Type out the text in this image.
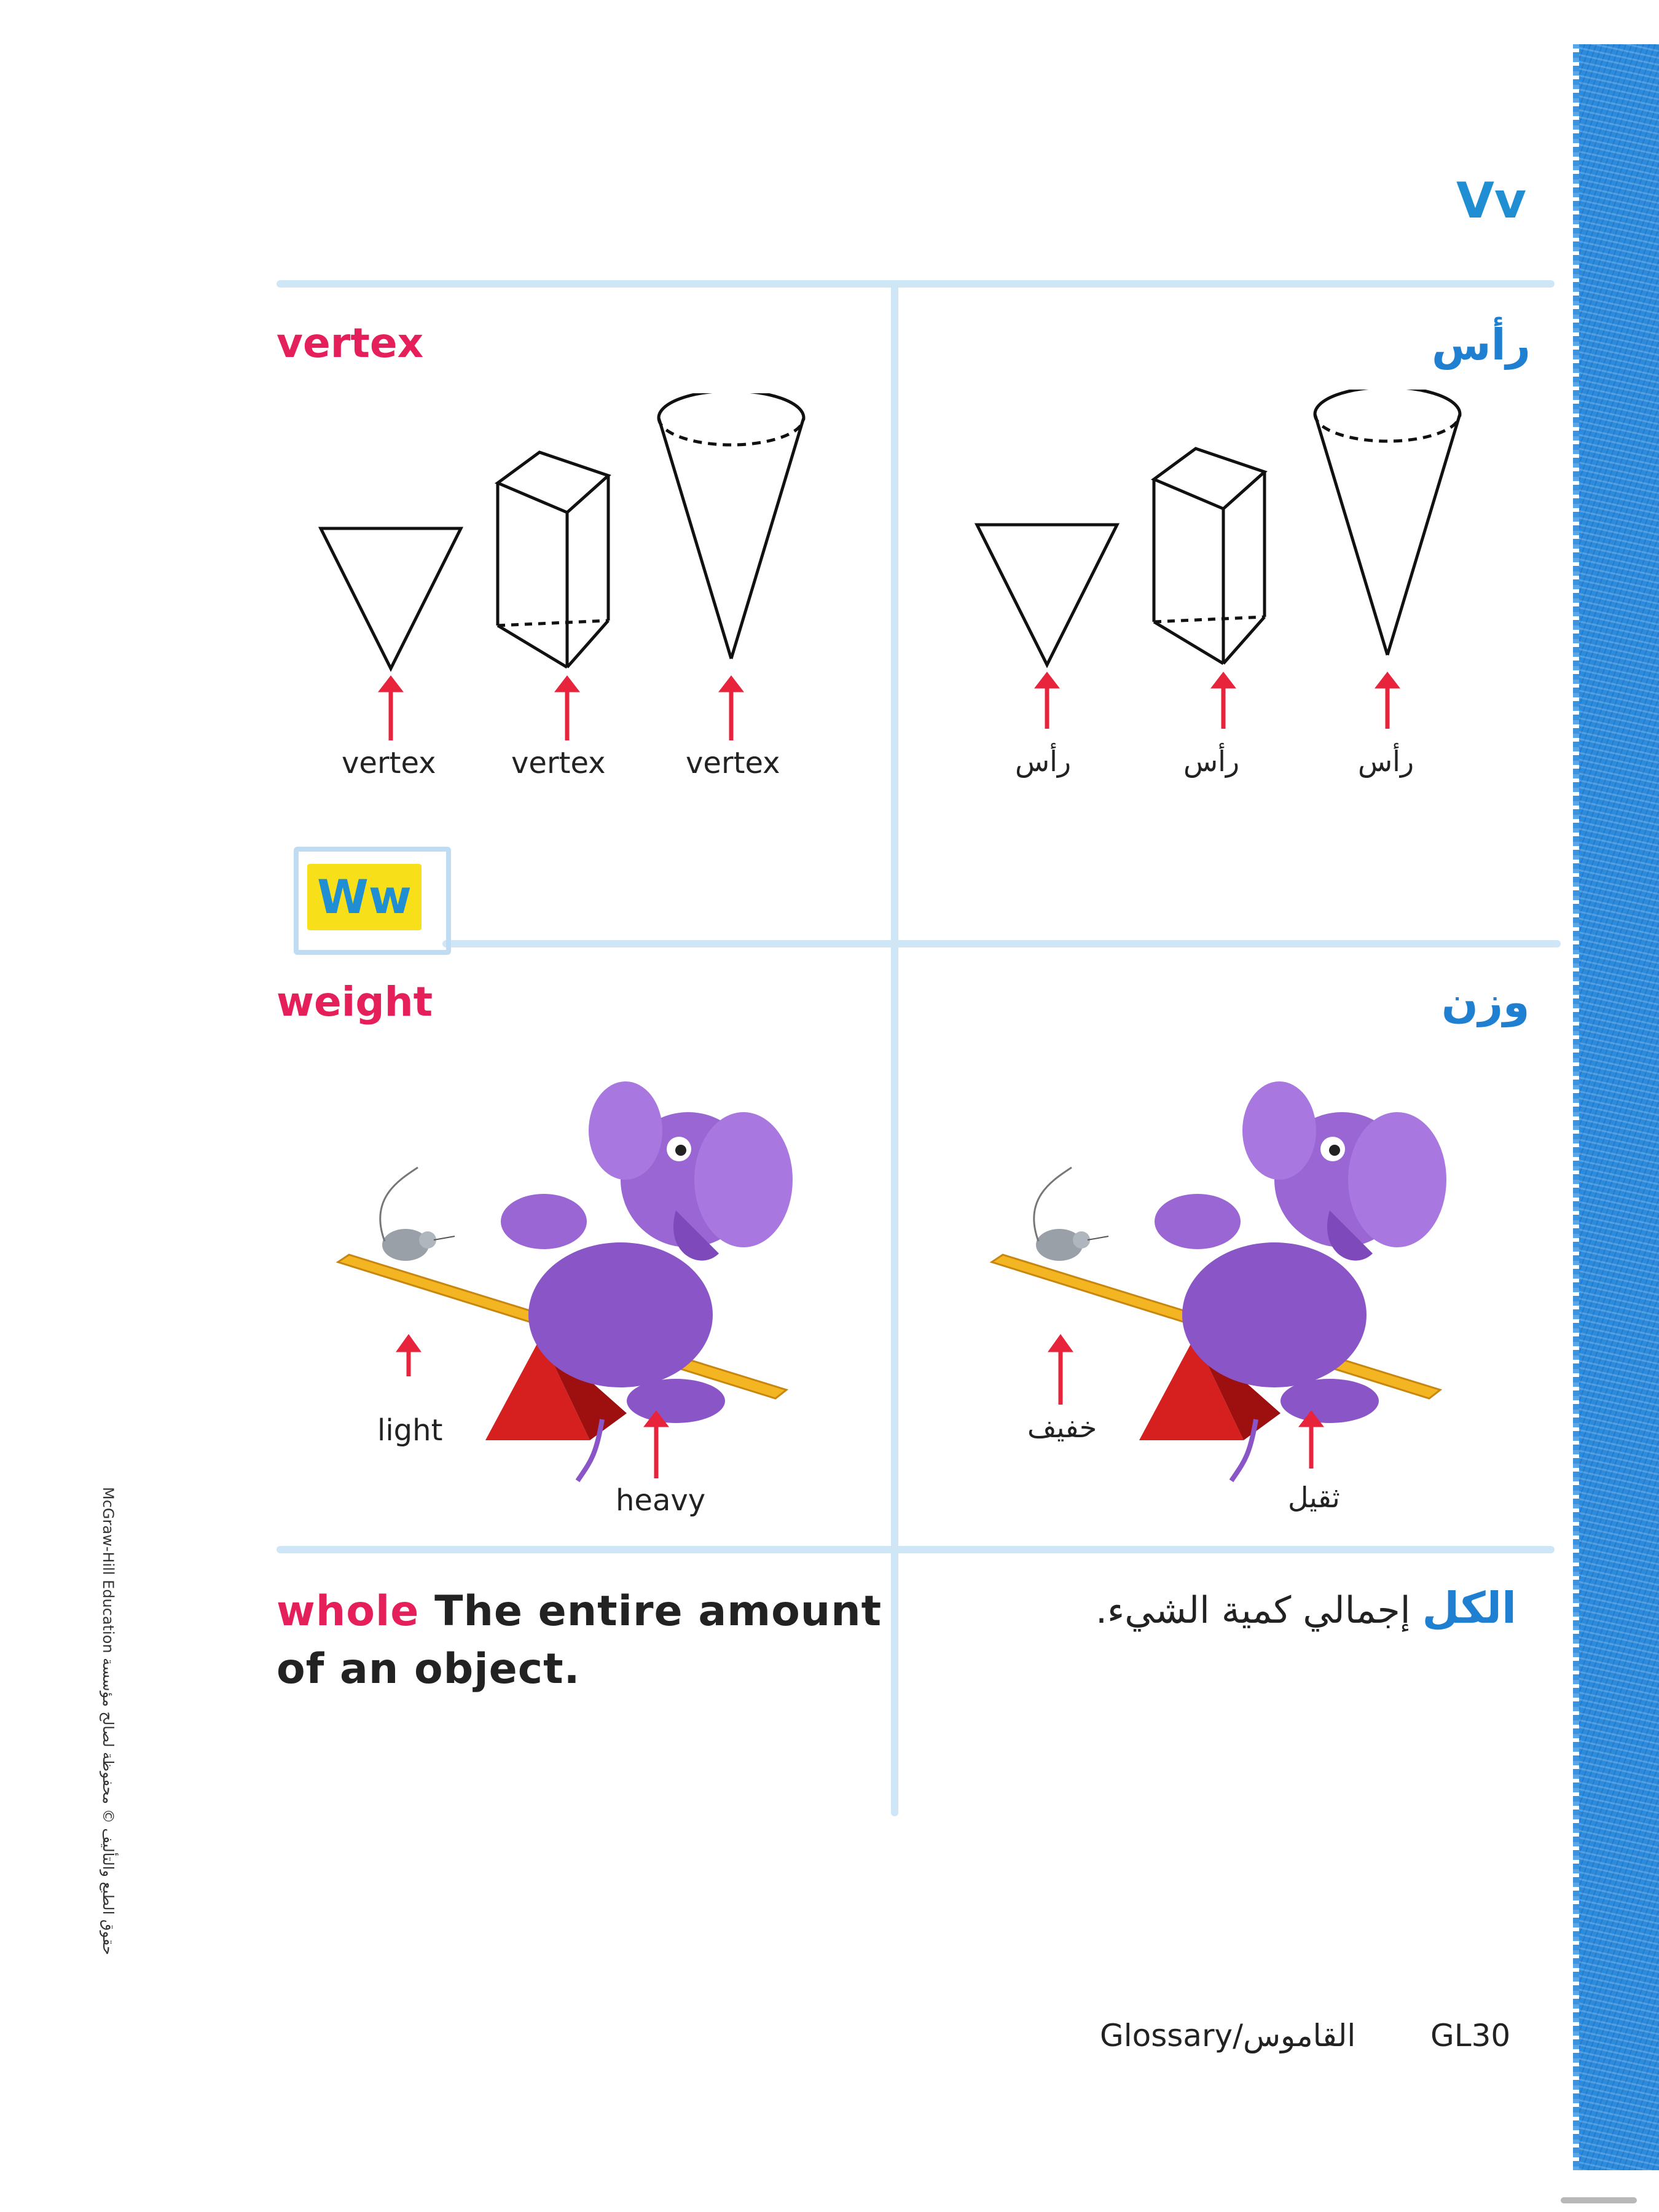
Vv
vertex
vertex	vertex	vertex
رأس
رأس	رأس	رأس
Ww
weight
light
heavy
وزن
خفيف
ثقيل
whole The entire amount
of an object.
الكل إجمالي كمية الشيء.
McGraw-Hill Education حقوق الطبع والتأليف © محفوظة لصالح مؤسسة
Glossary/القاموس GL30
